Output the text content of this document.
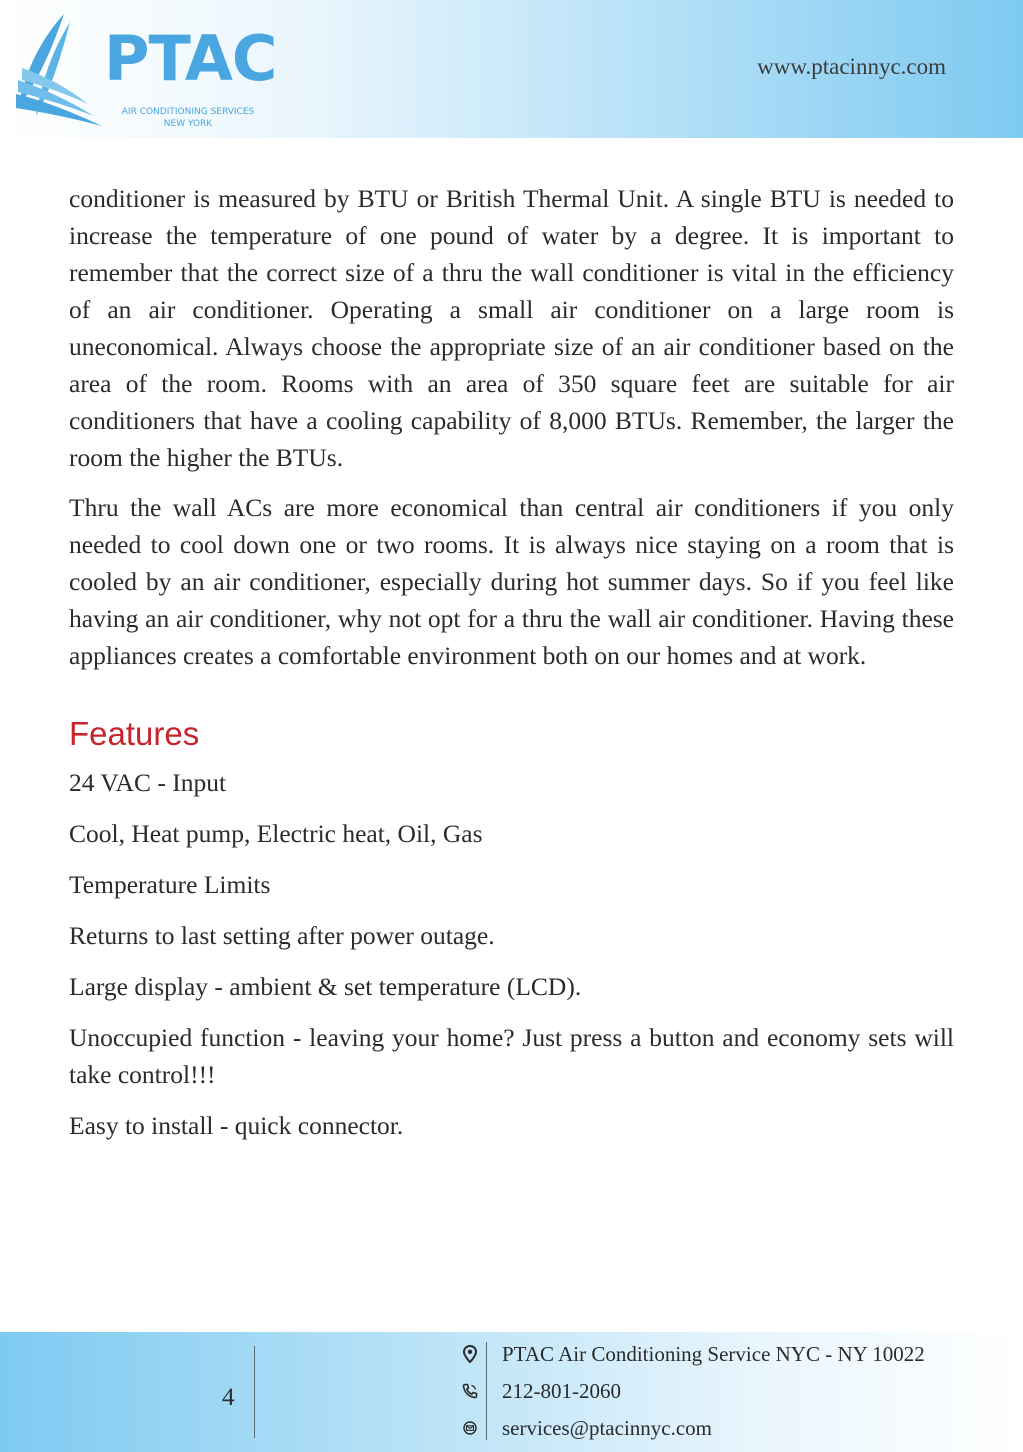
PTAC
AIR CONDITIONING SERVICES
NEW YORK
www.ptacinnyc.com

conditioner is measured by BTU or British Thermal Unit. A single BTU is needed to increase the temperature of one pound of water by a degree. It is important to remember that the correct size of a thru the wall conditioner is vital in the efficiency of an air conditioner. Operating a small air conditioner on a large room is uneconomical. Always choose the appropriate size of an air conditioner based on the area of the room. Rooms with an area of 350 square feet are suitable for air conditioners that have a cooling capability of 8,000 BTUs. Remember, the larger the room the higher the BTUs.

Thru the wall ACs are more economical than central air conditioners if you only needed to cool down one or two rooms. It is always nice staying on a room that is cooled by an air conditioner, especially during hot summer days. So if you feel like having an air conditioner, why not opt for a thru the wall air conditioner. Having these appliances creates a comfortable environment both on our homes and at work.

Features

24 VAC - Input

Cool, Heat pump, Electric heat, Oil, Gas

Temperature Limits

Returns to last setting after power outage.

Large display - ambient & set temperature (LCD).

Unoccupied function - leaving your home? Just press a button and economy sets will take control!!!

Easy to install - quick connector.

4
PTAC Air Conditioning Service NYC - NY 10022
212-801-2060
services@ptacinnyc.com
